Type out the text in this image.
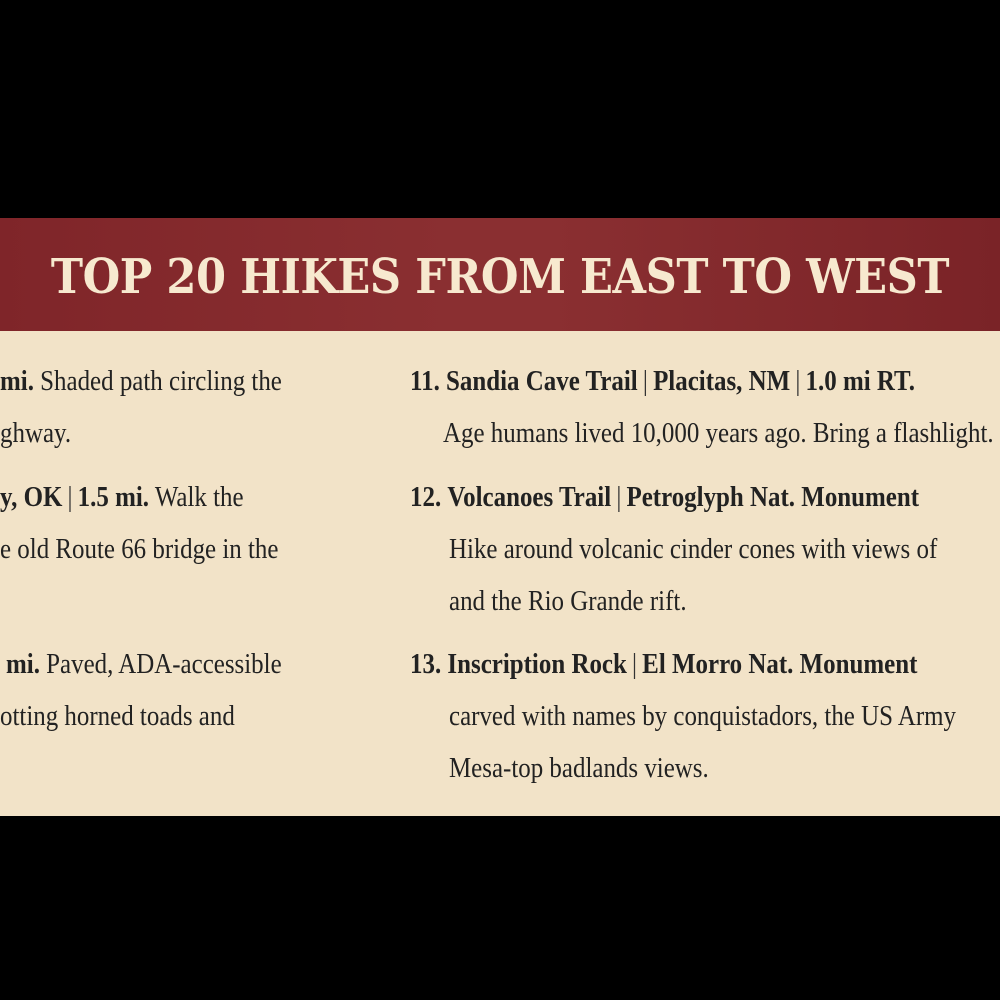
TOP 20 HIKES FROM EAST TO WEST
mi. Shaded path circling the
ghway.
y, OK | 1.5 mi. Walk the
e old Route 66 bridge in the
mi. Paved, ADA-accessible
otting horned toads and
11. Sandia Cave Trail | Placitas, NM | 1.0 mi RT.
Age humans lived 10,000 years ago. Bring a flashlight.
12. Volcanoes Trail | Petroglyph Nat. Monument
Hike around volcanic cinder cones with views of
and the Rio Grande rift.
13. Inscription Rock | El Morro Nat. Monument
carved with names by conquistadors, the US Army
Mesa-top badlands views.
